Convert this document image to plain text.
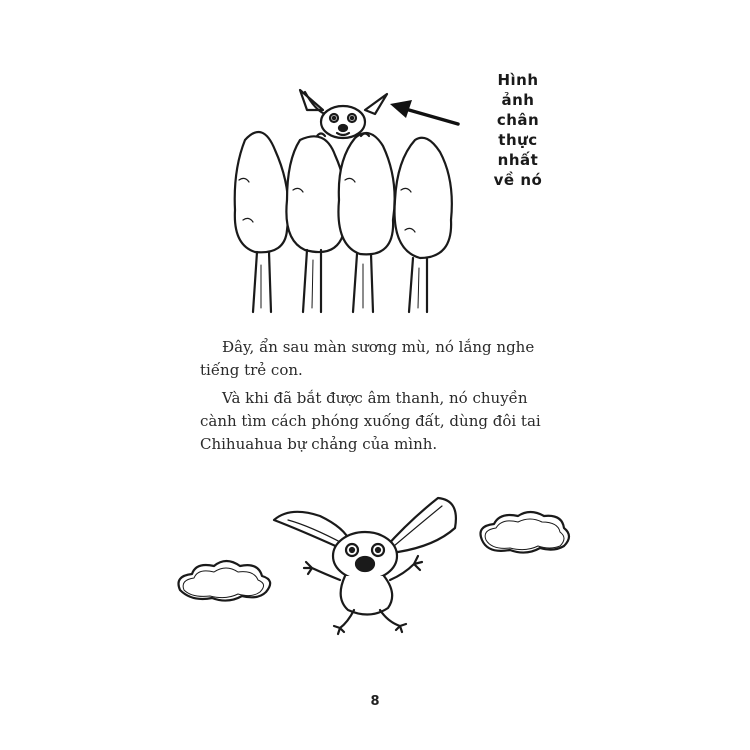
Hình
ảnh
chân
thực
nhất
về nó

Đây, ẩn sau màn sương mù, nó lắng nghe tiếng trẻ con.

Và khi đã bắt được âm thanh, nó chuyền cành tìm cách phóng xuống đất, dùng đôi tai Chihuahua bự chảng của mình.

8
